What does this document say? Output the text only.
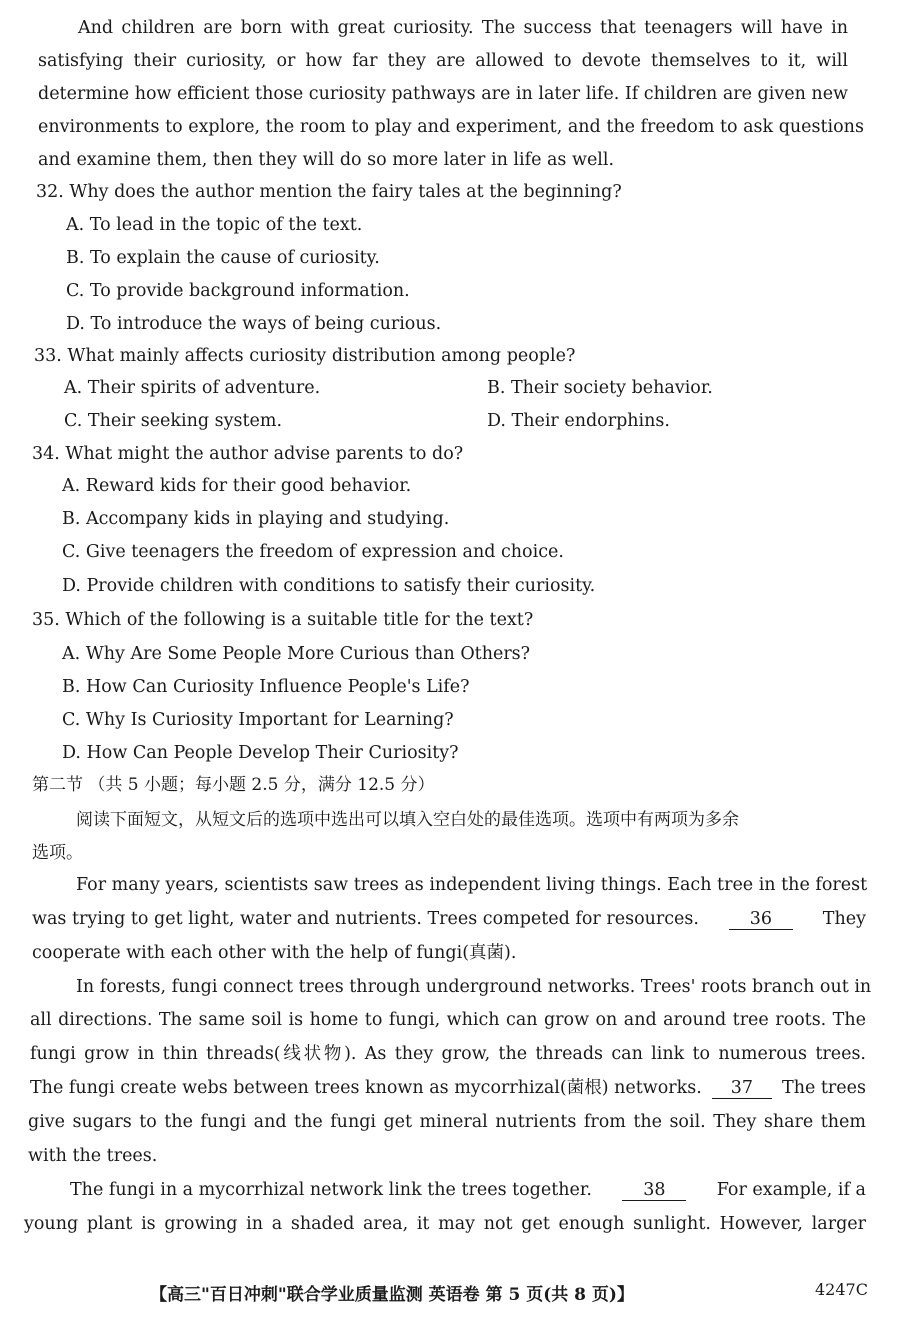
And children are born with great curiosity. The success that teenagers will have in
satisfying their curiosity, or how far they are allowed to devote themselves to it, will
determine how efficient those curiosity pathways are in later life. If children are given new
environments to explore, the room to play and experiment, and the freedom to ask questions
and examine them, then they will do so more later in life as well.
32. Why does the author mention the fairy tales at the beginning?
A. To lead in the topic of the text.
B. To explain the cause of curiosity.
C. To provide background information.
D. To introduce the ways of being curious.
33. What mainly affects curiosity distribution among people?
A. Their spirits of adventure.	B. Their society behavior.
C. Their seeking system.	D. Their endorphins.
34. What might the author advise parents to do?
A. Reward kids for their good behavior.
B. Accompany kids in playing and studying.
C. Give teenagers the freedom of expression and choice.
D. Provide children with conditions to satisfy their curiosity.
35. Which of the following is a suitable title for the text?
A. Why Are Some People More Curious than Others?
B. How Can Curiosity Influence People's Life?
C. Why Is Curiosity Important for Learning?
D. How Can People Develop Their Curiosity?
第二节 （共 5 小题；每小题 2.5 分，满分 12.5 分）
阅读下面短文，从短文后的选项中选出可以填入空白处的最佳选项。选项中有两项为多余
选项。
For many years, scientists saw trees as independent living things. Each tree in the forest
was trying to get light, water and nutrients. Trees competed for resources.	36	They
cooperate with each other with the help of fungi(真菌).
In forests, fungi connect trees through underground networks. Trees' roots branch out in
all directions. The same soil is home to fungi, which can grow on and around tree roots. The
fungi grow in thin threads(线状物). As they grow, the threads can link to numerous trees.
The fungi create webs between trees known as mycorrhizal(菌根) networks.	37	The trees
give sugars to the fungi and the fungi get mineral nutrients from the soil. They share them
with the trees.
The fungi in a mycorrhizal network link the trees together.	38	For example, if a
young plant is growing in a shaded area, it may not get enough sunlight. However, larger
【高三"百日冲刺"联合学业质量监测 英语卷 第 5 页(共 8 页)】	4247C
